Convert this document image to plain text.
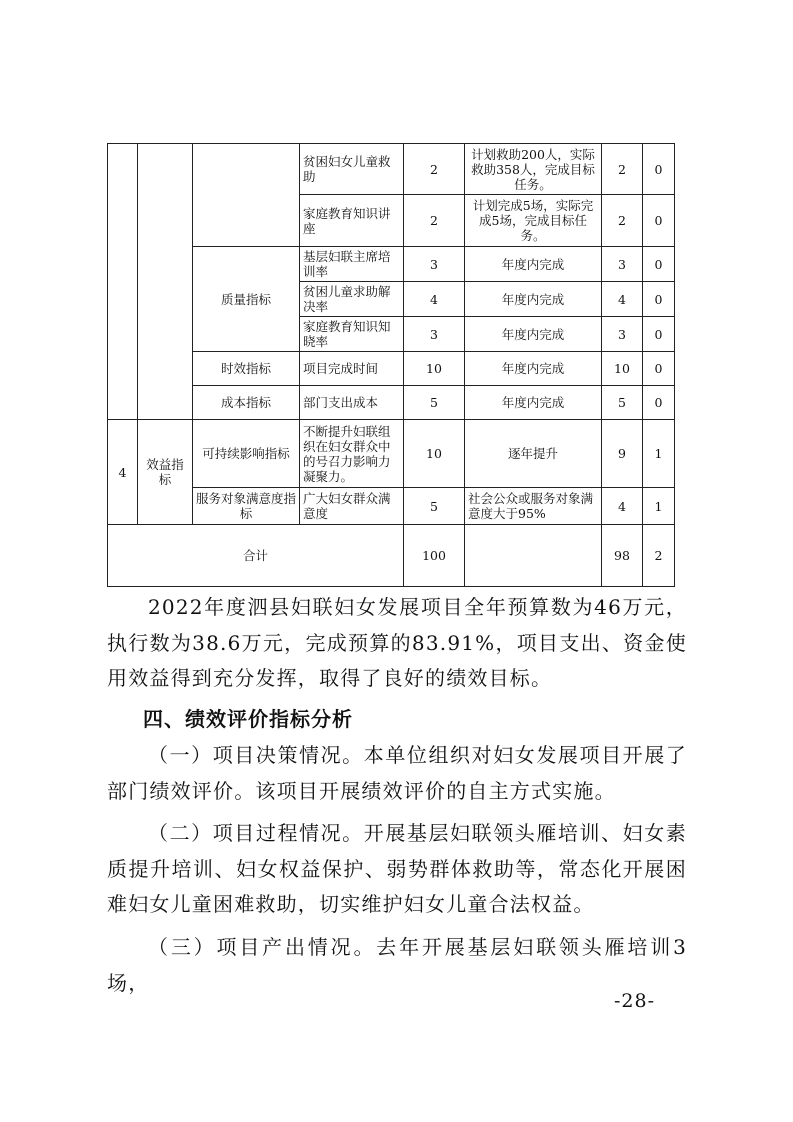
			贫困妇女儿童救助	2	计划救助200人，实际救助358人，完成目标任务。	2	0
			家庭教育知识讲座	2	计划完成5场，实际完成5场，完成目标任务。	2	0
		质量指标	基层妇联主席培训率	3	年度内完成	3	0
			贫困儿童求助解决率	4	年度内完成	4	0
			家庭教育知识知晓率	3	年度内完成	3	0
		时效指标	项目完成时间	10	年度内完成	10	0
		成本指标	部门支出成本	5	年度内完成	5	0
4	效益指标	可持续影响指标	不断提升妇联组织在妇女群众中的号召力影响力凝聚力。	10	逐年提升	9	1
		服务对象满意度指标	广大妇女群众满意度	5	社会公众或服务对象满意度大于95%	4	1
合计				100		98	2

2022年度泗县妇联妇女发展项目全年预算数为46万元，执行数为38.6万元，完成预算的83.91%，项目支出、资金使用效益得到充分发挥，取得了良好的绩效目标。

四、绩效评价指标分析

（一）项目决策情况。本单位组织对妇女发展项目开展了部门绩效评价。该项目开展绩效评价的自主方式实施。

（二）项目过程情况。开展基层妇联领头雁培训、妇女素质提升培训、妇女权益保护、弱势群体救助等，常态化开展困难妇女儿童困难救助，切实维护妇女儿童合法权益。

（三）项目产出情况。去年开展基层妇联领头雁培训3场，

-28-
